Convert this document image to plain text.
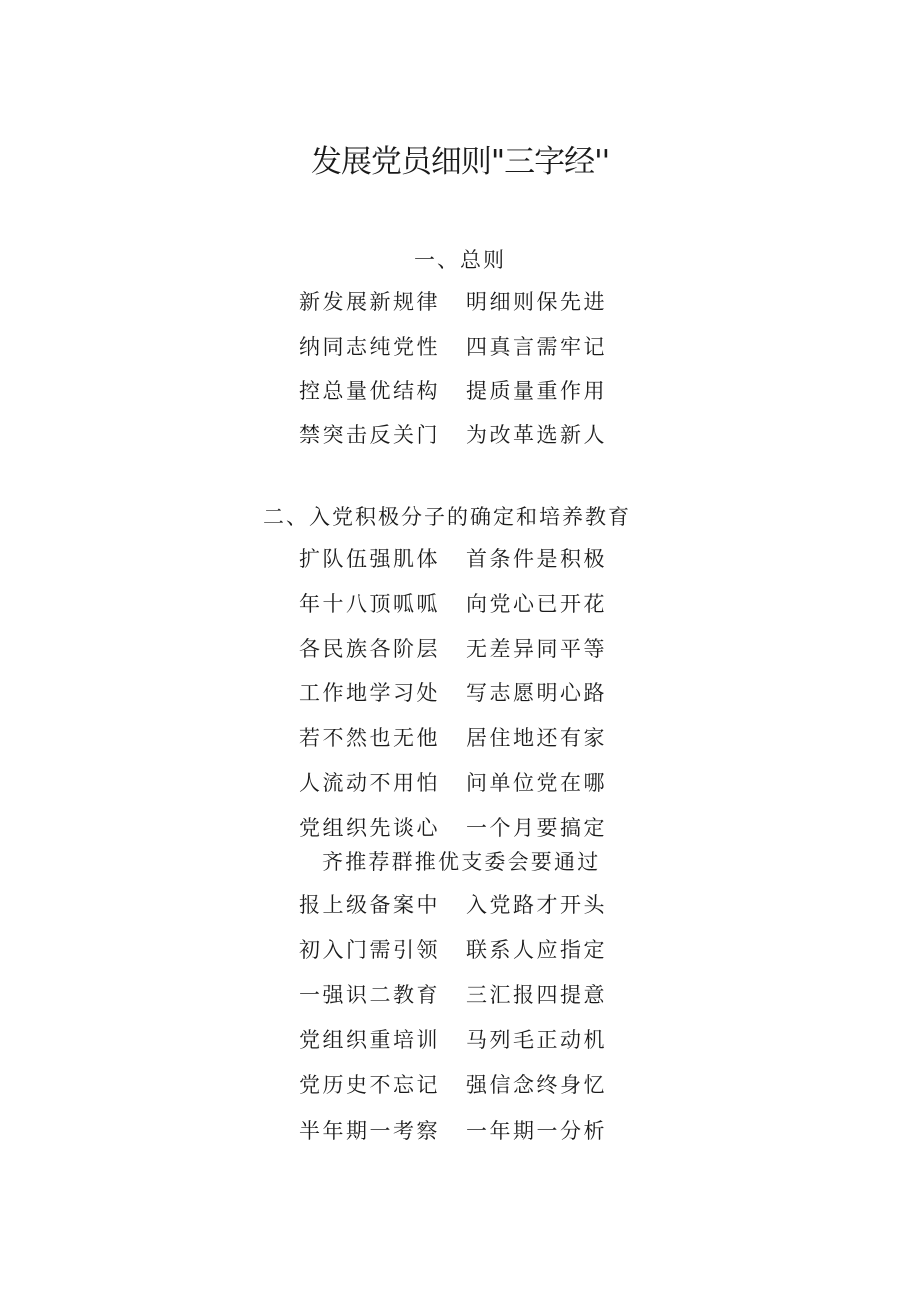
发展党员细则"三字经''
一、总则
新发展新规律 明细则保先进
纳同志纯党性 四真言需牢记
控总量优结构 提质量重作用
禁突击反关门 为改革选新人
二、入党积极分子的确定和培养教育
扩队伍强肌体 首条件是积极
年十八顶呱呱 向党心已开花
各民族各阶层 无差异同平等
工作地学习处 写志愿明心路
若不然也无他 居住地还有家
人流动不用怕 问单位党在哪
党组织先谈心 一个月要搞定
齐推荐群推优支委会要通过
报上级备案中 入党路才开头
初入门需引领 联系人应指定
一强识二教育 三汇报四提意
党组织重培训 马列毛正动机
党历史不忘记 强信念终身忆
半年期一考察 一年期一分析
